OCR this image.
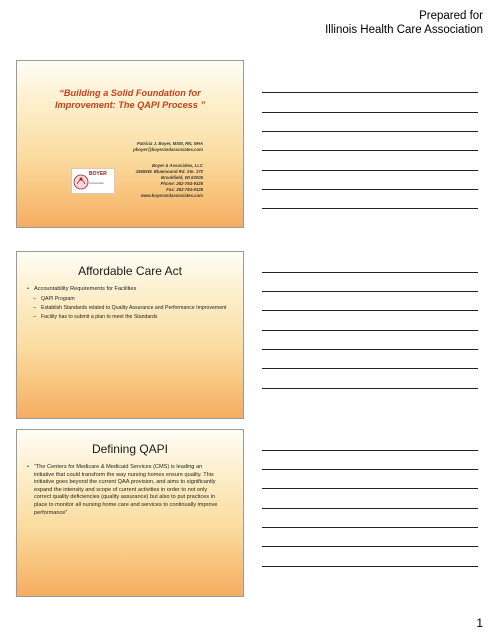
Prepared for
Illinois Health Care Association
“Building a Solid Foundation for
Improvement: The QAPI Process ”
Patricia J. Boyer, MSM, RN, NHA
pboyer@boyerandassociates.com
BOYER
& Associates
Boyer & Associates, LLC
16655W. Bluemound Rd. Ste. 170
Brookfield, WI 53005
Phone: 262-754-9325
Fax: 262-754-9328
www.boyerandassociates.com
Affordable Care Act
• Accountability Requirements for Facilities
– QAPI Program
– Establish Standards related to Quality Assurance and Performance Improvement
– Facility has to submit a plan to meet the Standards
Defining QAPI
• “The Centers for Medicare & Medicaid Services (CMS) is leading an initiative that could transform the way nursing homes ensure quality. This initiative goes beyond the current QAA provision, and aims to significantly expand the intensity and scope of current activities in order to not only correct quality deficiencies (quality assurance) but also to put practices in place to monitor all nursing home care and services to continually improve performance”
1
